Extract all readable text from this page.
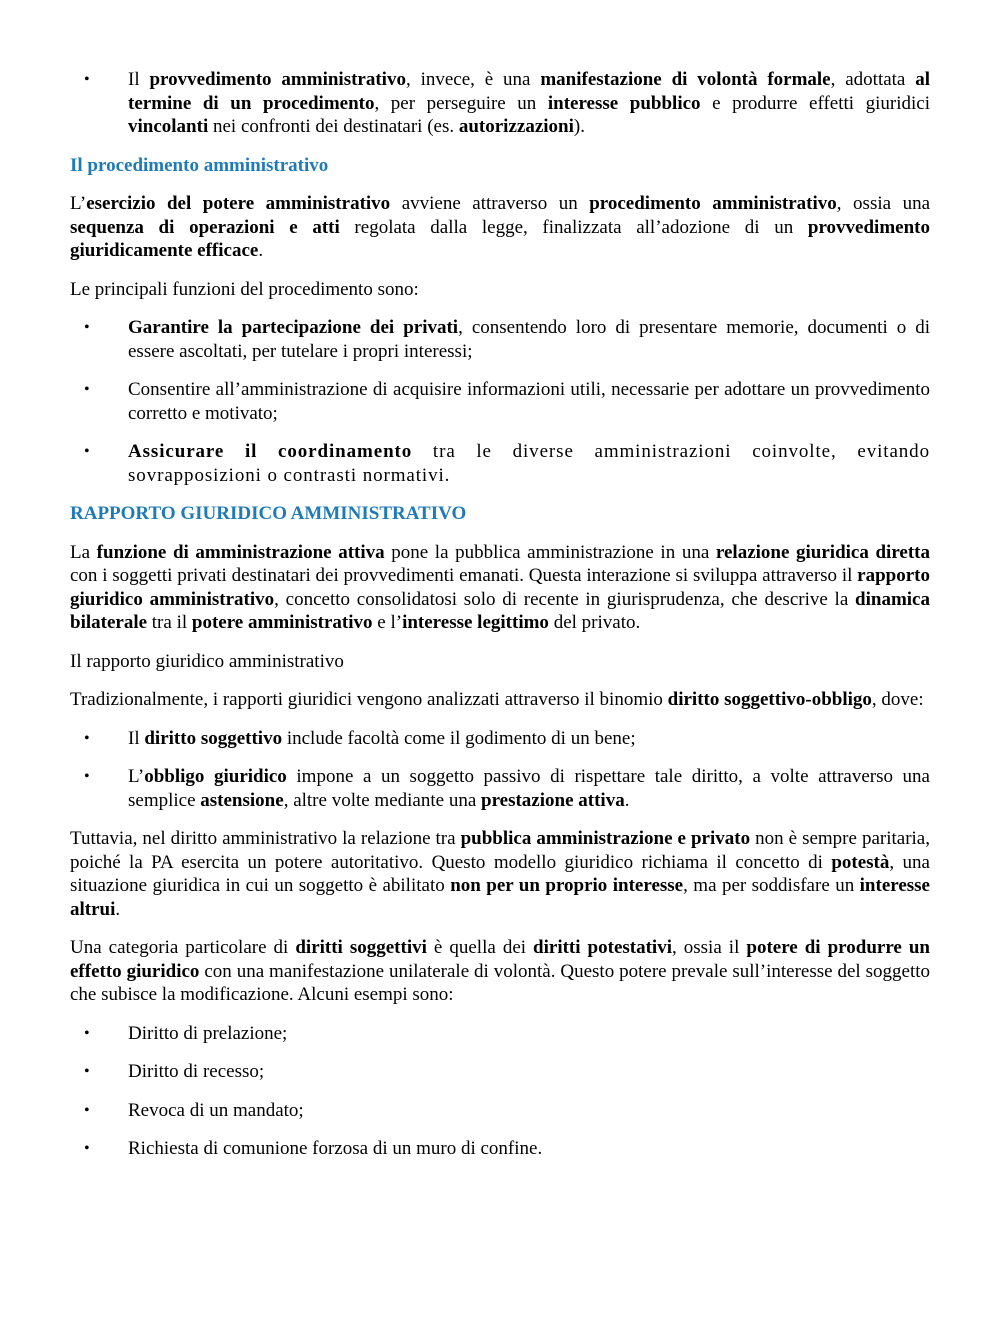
• Il provvedimento amministrativo, invece, è una manifestazione di volontà formale, adottata al termine di un procedimento, per perseguire un interesse pubblico e produrre effetti giuridici vincolanti nei confronti dei destinatari (es. autorizzazioni).
Il procedimento amministrativo

L’esercizio del potere amministrativo avviene attraverso un procedimento amministrativo, ossia una sequenza di operazioni e atti regolata dalla legge, finalizzata all’adozione di un provvedimento giuridicamente efficace.

Le principali funzioni del procedimento sono:

• Garantire la partecipazione dei privati, consentendo loro di presentare memorie, documenti o di essere ascoltati, per tutelare i propri interessi;
• Consentire all’amministrazione di acquisire informazioni utili, necessarie per adottare un provvedimento corretto e motivato;
• Assicurare il coordinamento tra le diverse amministrazioni coinvolte, evitando sovrapposizioni o contrasti normativi.
RAPPORTO GIURIDICO AMMINISTRATIVO

La funzione di amministrazione attiva pone la pubblica amministrazione in una relazione giuridica diretta con i soggetti privati destinatari dei provvedimenti emanati. Questa interazione si sviluppa attraverso il rapporto giuridico amministrativo, concetto consolidatosi solo di recente in giurisprudenza, che descrive la dinamica bilaterale tra il potere amministrativo e l’interesse legittimo del privato.

Il rapporto giuridico amministrativo

Tradizionalmente, i rapporti giuridici vengono analizzati attraverso il binomio diritto soggettivo-obbligo, dove:

• Il diritto soggettivo include facoltà come il godimento di un bene;
• L’obbligo giuridico impone a un soggetto passivo di rispettare tale diritto, a volte attraverso una semplice astensione, altre volte mediante una prestazione attiva.

Tuttavia, nel diritto amministrativo la relazione tra pubblica amministrazione e privato non è sempre paritaria, poiché la PA esercita un potere autoritativo. Questo modello giuridico richiama il concetto di potestà, una situazione giuridica in cui un soggetto è abilitato non per un proprio interesse, ma per soddisfare un interesse altrui.

Una categoria particolare di diritti soggettivi è quella dei diritti potestativi, ossia il potere di produrre un effetto giuridico con una manifestazione unilaterale di volontà. Questo potere prevale sull’interesse del soggetto che subisce la modificazione. Alcuni esempi sono:

• Diritto di prelazione;
• Diritto di recesso;
• Revoca di un mandato;
• Richiesta di comunione forzosa di un muro di confine.
